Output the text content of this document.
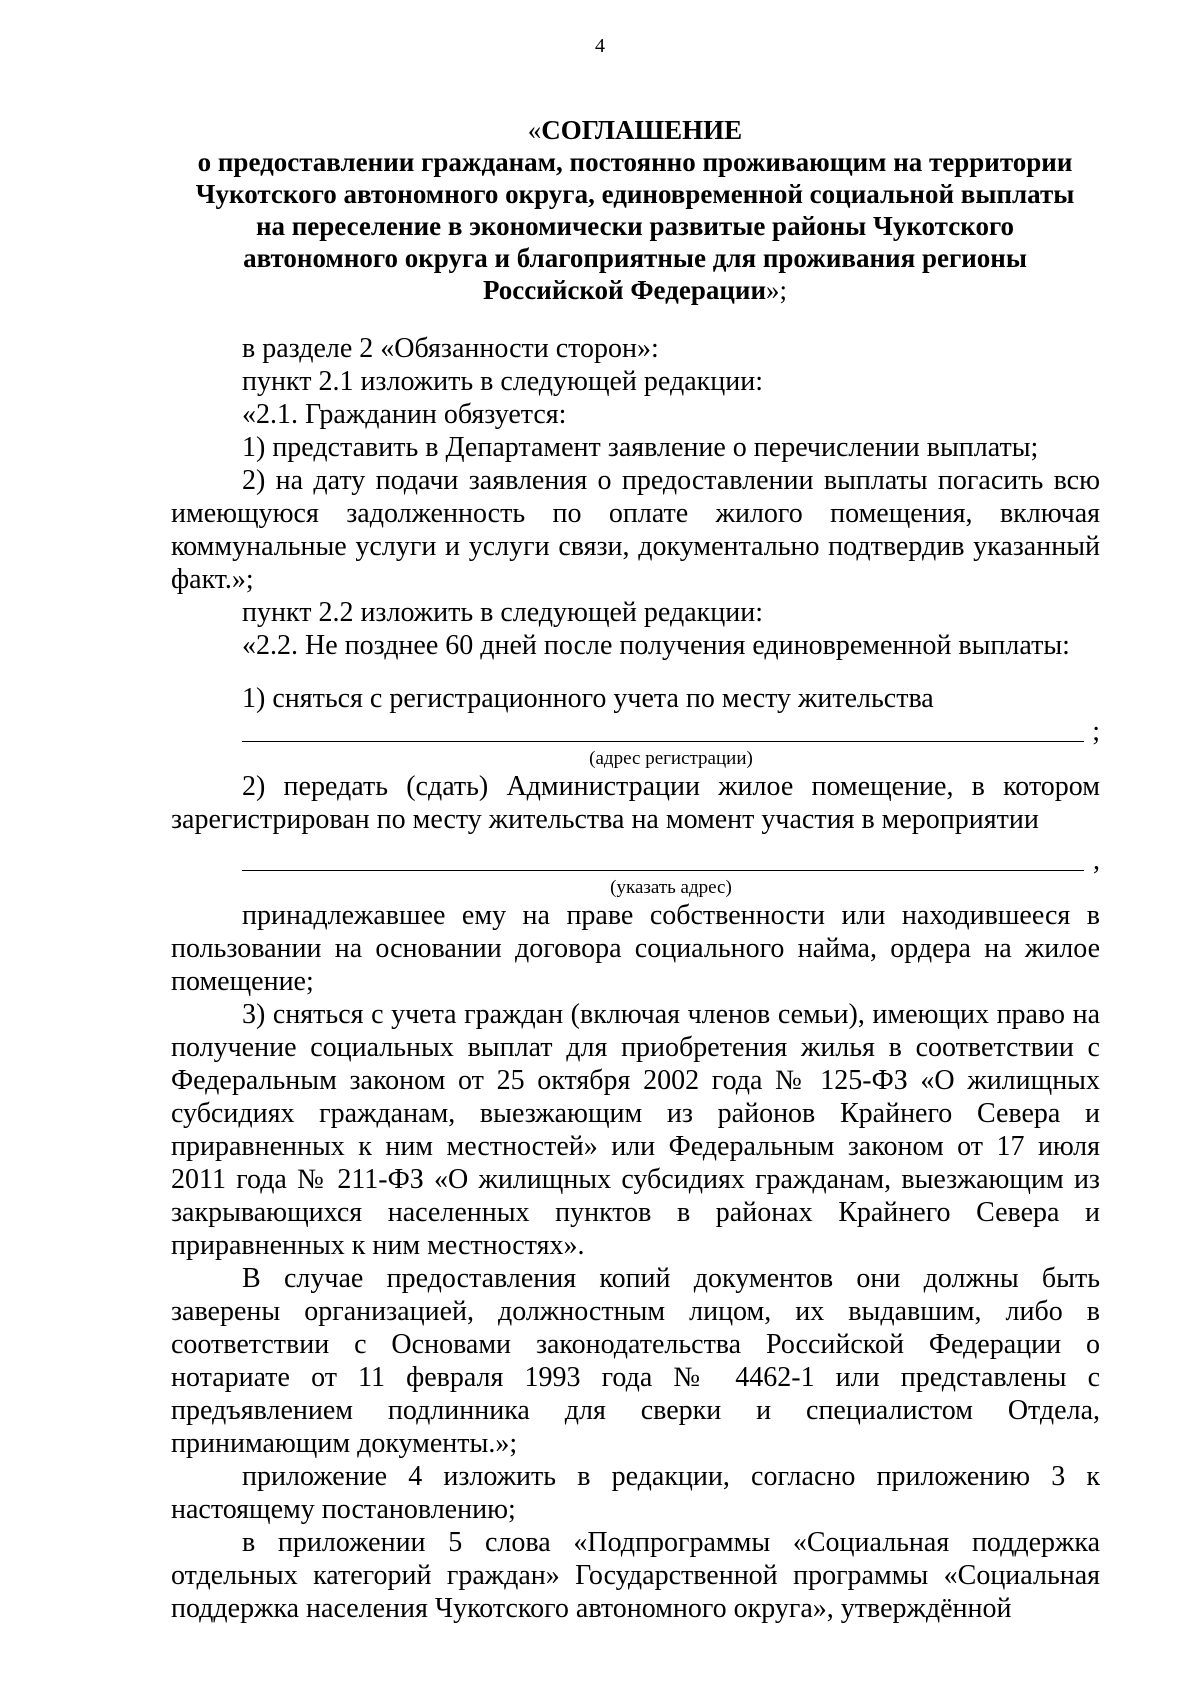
4
«СОГЛАШЕНИЕ
о предоставлении гражданам, постоянно проживающим на территории
Чукотского автономного округа, единовременной социальной выплаты
на переселение в экономически развитые районы Чукотского
автономного округа и благоприятные для проживания регионы
Российской Федерации»;

в разделе 2 «Обязанности сторон»:

пункт 2.1 изложить в следующей редакции:

«2.1. Гражданин обязуется:

1) представить в Департамент заявление о перечислении выплаты;

2) на дату подачи заявления о предоставлении выплаты погасить всю имеющуюся задолженность по оплате жилого помещения, включая коммунальные услуги и услуги связи, документально подтвердив указанный факт.»;

пункт 2.2 изложить в следующей редакции:

«2.2. Не позднее 60 дней после получения единовременной выплаты:

1) сняться с регистрационного учета по месту жительства

;

(адрес регистрации)

2) передать (сдать) Администрации жилое помещение, в котором зарегистрирован по месту жительства на момент участия в мероприятии

,

(указать адрес)

принадлежавшее ему на праве собственности или находившееся в пользовании на основании договора социального найма, ордера на жилое помещение;

3) сняться с учета граждан (включая членов семьи), имеющих право на получение социальных выплат для приобретения жилья в соответствии с Федеральным законом от 25 октября 2002 года № 125-ФЗ «О жилищных субсидиях гражданам, выезжающим из районов Крайнего Севера и приравненных к ним местностей» или Федеральным законом от 17 июля 2011 года № 211-ФЗ «О жилищных субсидиях гражданам, выезжающим из закрывающихся населенных пунктов в районах Крайнего Севера и приравненных к ним местностях».

В случае предоставления копий документов они должны быть заверены организацией, должностным лицом, их выдавшим, либо в соответствии с Основами законодательства Российской Федерации о нотариате от 11 февраля 1993 года № 4462-1 или представлены с предъявлением подлинника для сверки и специалистом Отдела, принимающим документы.»;

приложение 4 изложить в редакции, согласно приложению 3 к настоящему постановлению;

в приложении 5 слова «Подпрограммы «Социальная поддержка отдельных категорий граждан» Государственной программы «Социальная поддержка населения Чукотского автономного округа», утверждённой
